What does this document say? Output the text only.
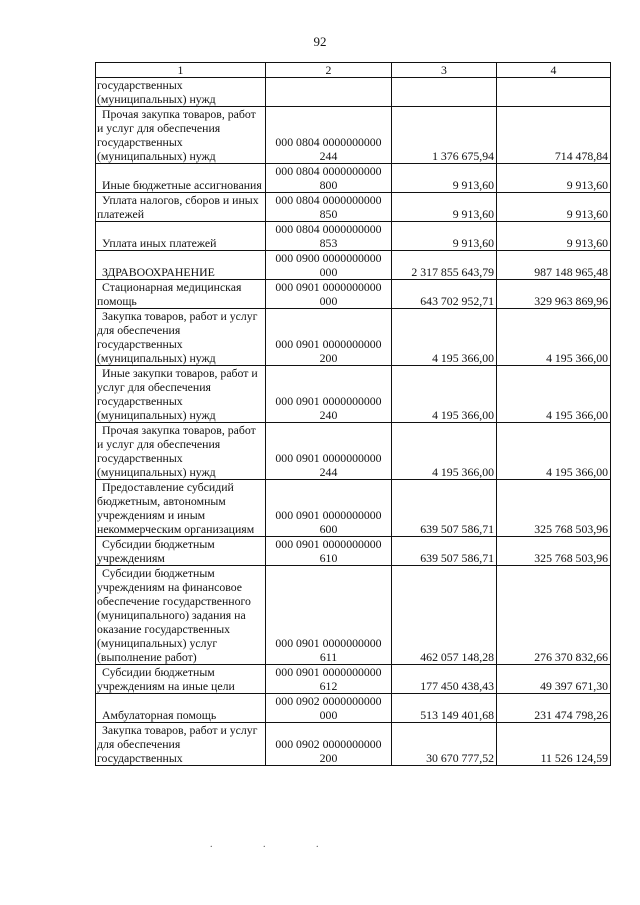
92
1	2	3	4
государственных (муниципальных) нужд			
Прочая закупка товаров, работ и услуг для обеспечения государственных (муниципальных) нужд	000 0804 0000000000 244	1 376 675,94	714 478,84
Иные бюджетные ассигнования	000 0804 0000000000 800	9 913,60	9 913,60
Уплата налогов, сборов и иных платежей	000 0804 0000000000 850	9 913,60	9 913,60
Уплата иных платежей	000 0804 0000000000 853	9 913,60	9 913,60
ЗДРАВООХРАНЕНИЕ	000 0900 0000000000 000	2 317 855 643,79	987 148 965,48
Стационарная медицинская помощь	000 0901 0000000000 000	643 702 952,71	329 963 869,96
Закупка товаров, работ и услуг для обеспечения государственных (муниципальных) нужд	000 0901 0000000000 200	4 195 366,00	4 195 366,00
Иные закупки товаров, работ и услуг для обеспечения государственных (муниципальных) нужд	000 0901 0000000000 240	4 195 366,00	4 195 366,00
Прочая закупка товаров, работ и услуг для обеспечения государственных (муниципальных) нужд	000 0901 0000000000 244	4 195 366,00	4 195 366,00
Предоставление субсидий бюджетным, автономным учреждениям и иным некоммерческим организациям	000 0901 0000000000 600	639 507 586,71	325 768 503,96
Субсидии бюджетным учреждениям	000 0901 0000000000 610	639 507 586,71	325 768 503,96
Субсидии бюджетным учреждениям на финансовое обеспечение государственного (муниципального) задания на оказание государственных (муниципальных) услуг (выполнение работ)	000 0901 0000000000 611	462 057 148,28	276 370 832,66
Субсидии бюджетным учреждениям на иные цели	000 0901 0000000000 612	177 450 438,43	49 397 671,30
Амбулаторная помощь	000 0902 0000000000 000	513 149 401,68	231 474 798,26
Закупка товаров, работ и услуг для обеспечения государственных	000 0902 0000000000 200	30 670 777,52	11 526 124,59
. . .
